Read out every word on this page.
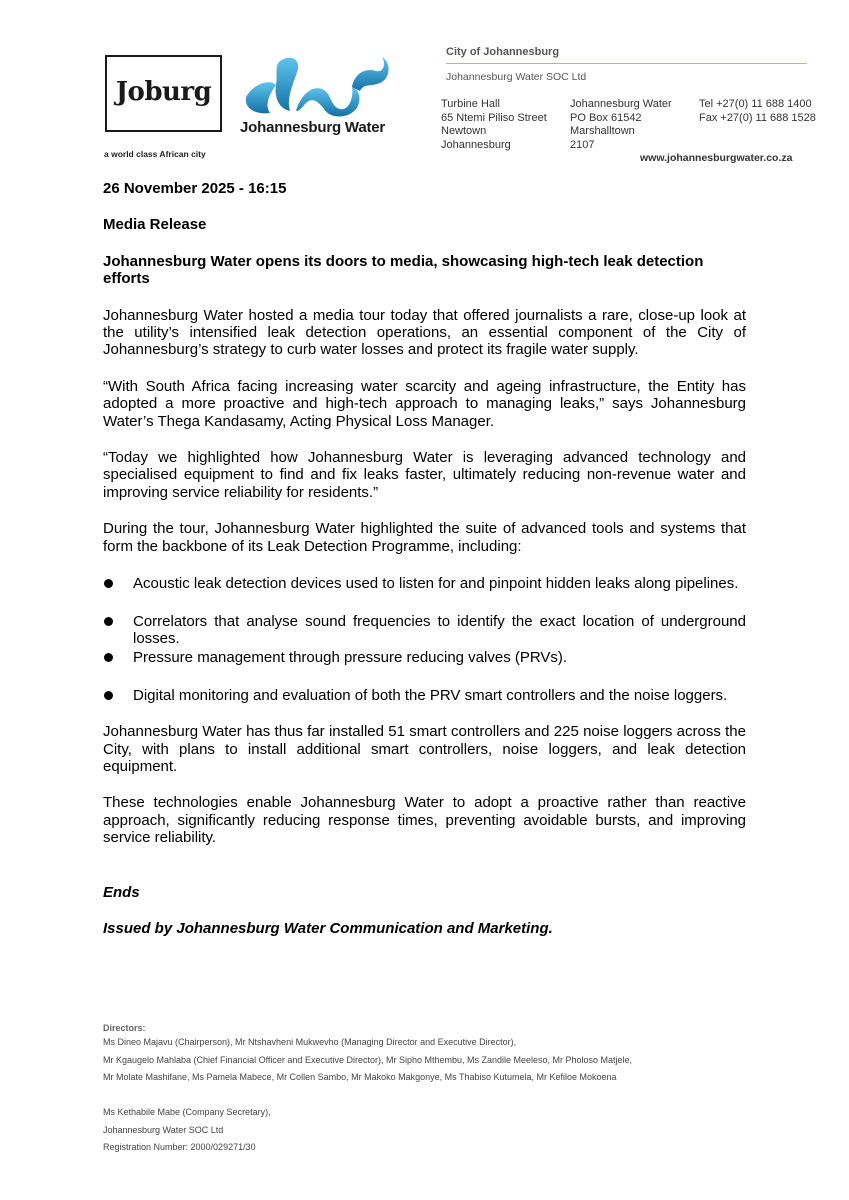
Joburg
a world class African city
Johannesburg Water
City of Johannesburg
Johannesburg Water SOC Ltd
Turbine Hall
65 Ntemi Piliso Street
Newtown
Johannesburg
Johannesburg Water
PO Box 61542
Marshalltown
2107
Tel +27(0) 11 688 1400
Fax +27(0) 11 688 1528
www.johannesburgwater.co.za

26 November 2025 - 16:15

Media Release

Johannesburg Water opens its doors to media, showcasing high-tech leak detection efforts

Johannesburg Water hosted a media tour today that offered journalists a rare, close-up look at the utility’s intensified leak detection operations, an essential component of the City of Johannesburg’s strategy to curb water losses and protect its fragile water supply.

“With South Africa facing increasing water scarcity and ageing infrastructure, the Entity has adopted a more proactive and high-tech approach to managing leaks,” says Johannesburg Water’s Thega Kandasamy, Acting Physical Loss Manager.

“Today we highlighted how Johannesburg Water is leveraging advanced technology and specialised equipment to find and fix leaks faster, ultimately reducing non-revenue water and improving service reliability for residents.”

During the tour, Johannesburg Water highlighted the suite of advanced tools and systems that form the backbone of its Leak Detection Programme, including:

Acoustic leak detection devices used to listen for and pinpoint hidden leaks along pipelines.
Correlators that analyse sound frequencies to identify the exact location of underground losses.
Pressure management through pressure reducing valves (PRVs).
Digital monitoring and evaluation of both the PRV smart controllers and the noise loggers.

Johannesburg Water has thus far installed 51 smart controllers and 225 noise loggers across the City, with plans to install additional smart controllers, noise loggers, and leak detection equipment.

These technologies enable Johannesburg Water to adopt a proactive rather than reactive approach, significantly reducing response times, preventing avoidable bursts, and improving service reliability.

Ends

Issued by Johannesburg Water Communication and Marketing.

Directors:
Ms Dineo Majavu (Chairperson), Mr Ntshavheni Mukwevho (Managing Director and Executive Director),
Mr Kgaugelo Mahlaba (Chief Financial Officer and Executive Director), Mr Sipho Mthembu, Ms Zandile Meeleso, Mr Pholoso Matjele,
Mr Molate Mashifane, Ms Pamela Mabece, Mr Collen Sambo, Mr Makoko Makgonye, Ms Thabiso Kutumela, Mr Kefiloe Mokoena
Ms Kethabile Mabe (Company Secretary),
Johannesburg Water SOC Ltd
Registration Number: 2000/029271/30
